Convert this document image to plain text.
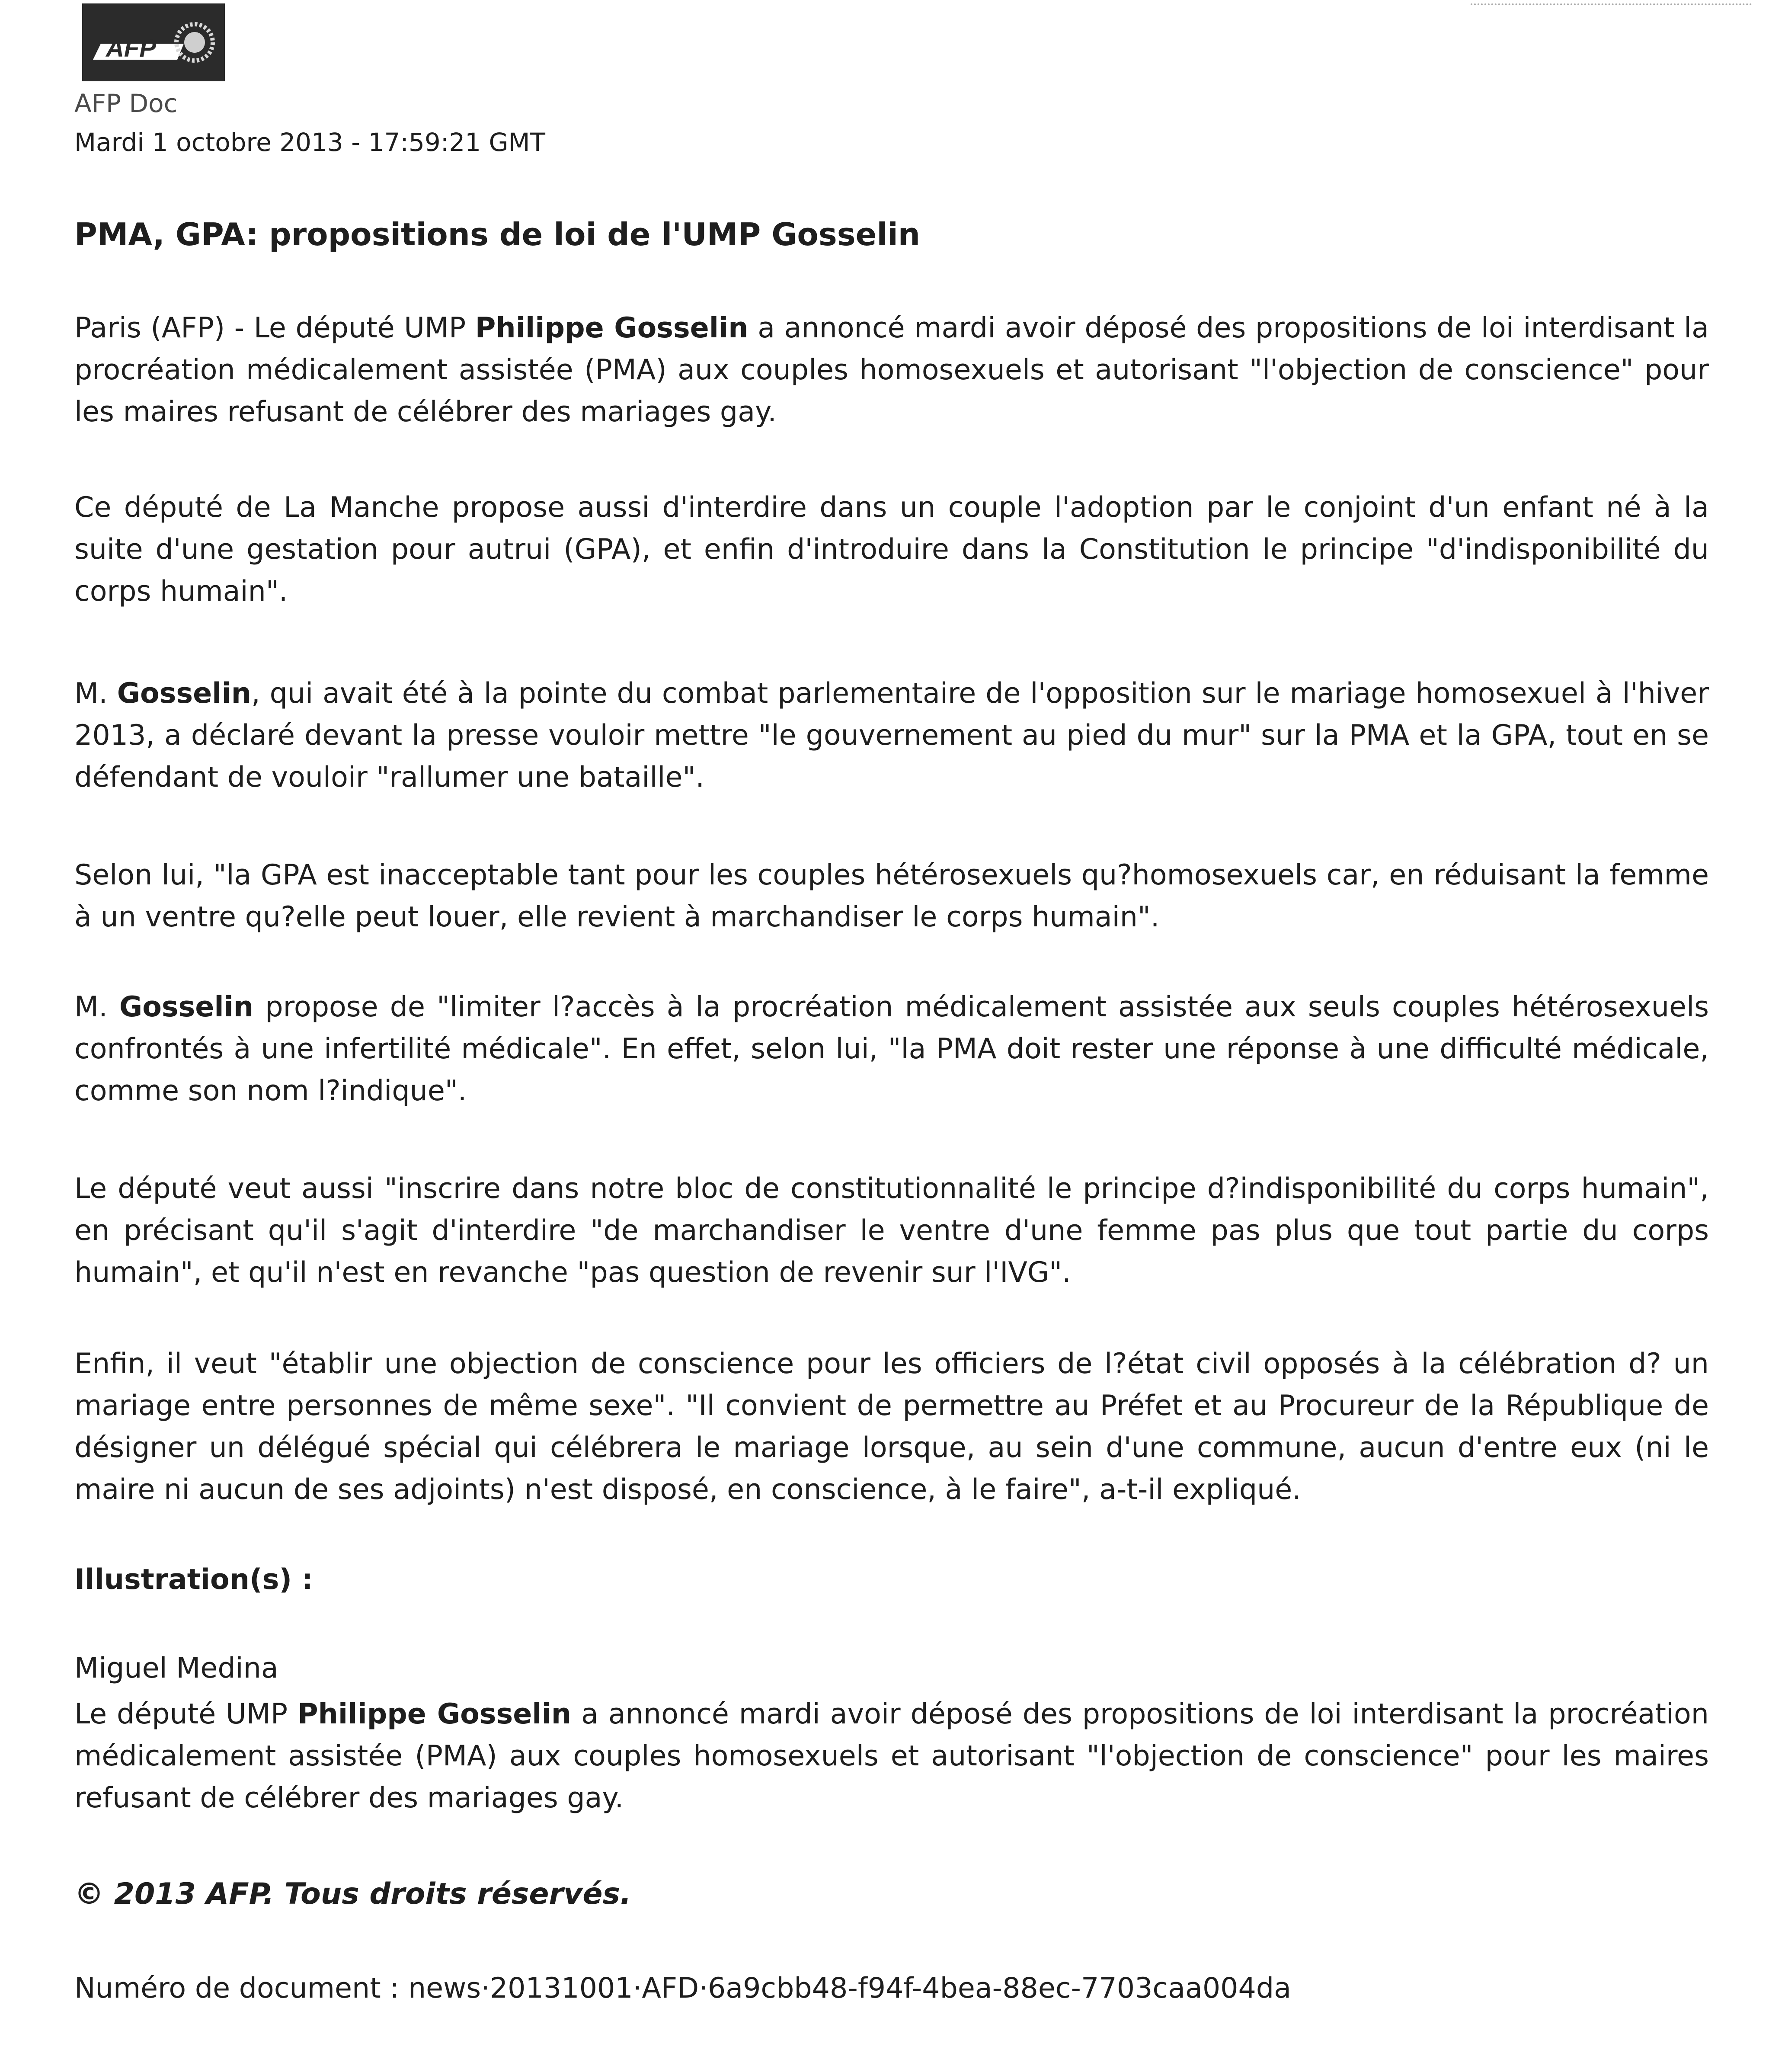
AFP
AFP Doc
Mardi 1 octobre 2013 - 17:59:21 GMT
PMA, GPA: propositions de loi de l'UMP Gosselin

Paris (AFP) - Le député UMP Philippe Gosselin a annoncé mardi avoir déposé des propositions de loi interdisant la procréation médicalement assistée (PMA) aux couples homosexuels et autorisant "l'objection de conscience" pour les maires refusant de célébrer des mariages gay.

Ce député de La Manche propose aussi d'interdire dans un couple l'adoption par le conjoint d'un enfant né à la suite d'une gestation pour autrui (GPA), et enfin d'introduire dans la Constitution le principe "d'indisponibilité du corps humain".

M. Gosselin, qui avait été à la pointe du combat parlementaire de l'opposition sur le mariage homosexuel à l'hiver 2013, a déclaré devant la presse vouloir mettre "le gouvernement au pied du mur" sur la PMA et la GPA, tout en se défendant de vouloir "rallumer une bataille".

Selon lui, "la GPA est inacceptable tant pour les couples hétérosexuels qu?homosexuels car, en réduisant la femme à un ventre qu?elle peut louer, elle revient à marchandiser le corps humain".

M. Gosselin propose de "limiter l?accès à la procréation médicalement assistée aux seuls couples hétérosexuels confrontés à une infertilité médicale". En effet, selon lui, "la PMA doit rester une réponse à une difficulté médicale, comme son nom l?indique".

Le député veut aussi "inscrire dans notre bloc de constitutionnalité le principe d?indisponibilité du corps humain", en précisant qu'il s'agit d'interdire "de marchandiser le ventre d'une femme pas plus que tout partie du corps humain", et qu'il n'est en revanche "pas question de revenir sur l'IVG".

Enfin, il veut "établir une objection de conscience pour les officiers de l?état civil opposés à la célébration d? un mariage entre personnes de même sexe". "Il convient de permettre au Préfet et au Procureur de la République de désigner un délégué spécial qui célébrera le mariage lorsque, au sein d'une commune, aucun d'entre eux (ni le maire ni aucun de ses adjoints) n'est disposé, en conscience, à le faire", a-t-il expliqué.

Illustration(s) :
Miguel Medina

Le député UMP Philippe Gosselin a annoncé mardi avoir déposé des propositions de loi interdisant la procréation médicalement assistée (PMA) aux couples homosexuels et autorisant "l'objection de conscience" pour les maires refusant de célébrer des mariages gay.

© 2013 AFP. Tous droits réservés.
Numéro de document : news·20131001·AFD·6a9cbb48-f94f-4bea-88ec-7703caa004da
